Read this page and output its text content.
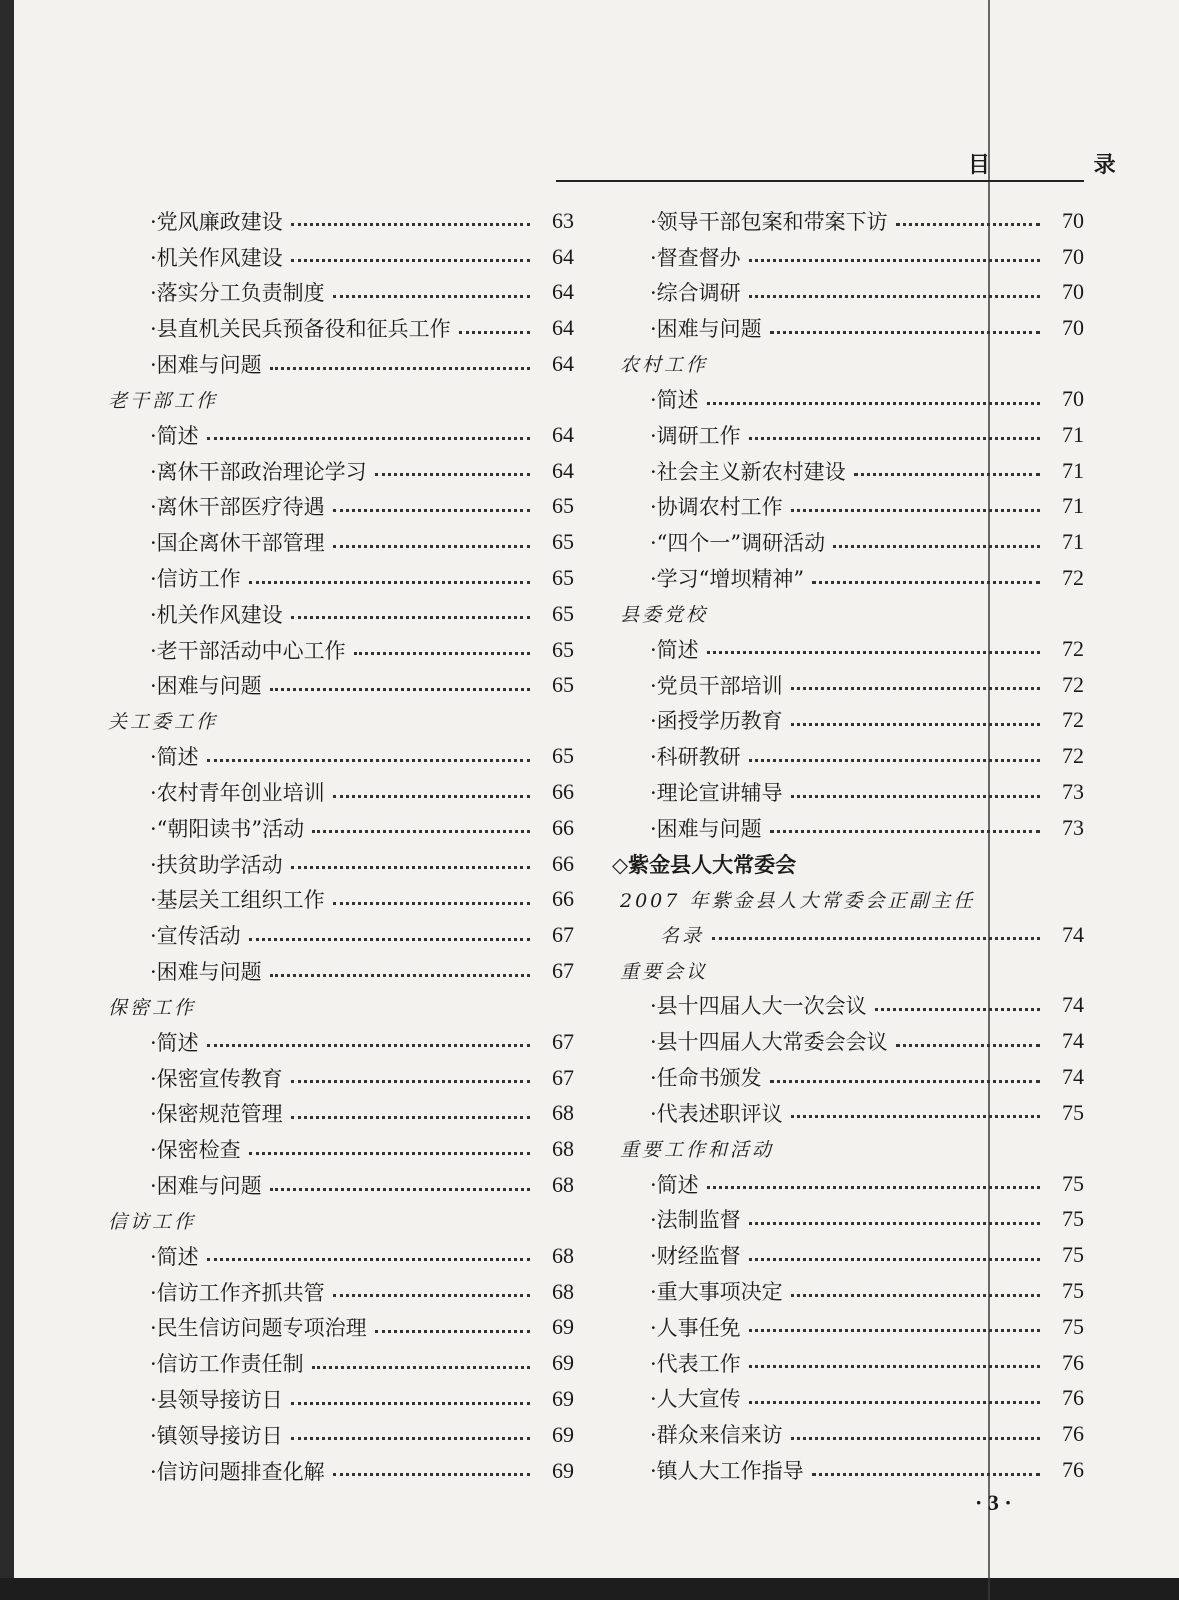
目 录
·党风廉政建设	63
·机关作风建设	64
·落实分工负责制度	64
·县直机关民兵预备役和征兵工作	64
·困难与问题	64
老干部工作
·简述	64
·离休干部政治理论学习	64
·离休干部医疗待遇	65
·国企离休干部管理	65
·信访工作	65
·机关作风建设	65
·老干部活动中心工作	65
·困难与问题	65
关工委工作
·简述	65
·农村青年创业培训	66
·“朝阳读书”活动	66
·扶贫助学活动	66
·基层关工组织工作	66
·宣传活动	67
·困难与问题	67
保密工作
·简述	67
·保密宣传教育	67
·保密规范管理	68
·保密检查	68
·困难与问题	68
信访工作
·简述	68
·信访工作齐抓共管	68
·民生信访问题专项治理	69
·信访工作责任制	69
·县领导接访日	69
·镇领导接访日	69
·信访问题排查化解	69
·领导干部包案和带案下访	70
·督查督办	70
·综合调研	70
·困难与问题	70
农村工作
·简述	70
·调研工作	71
·社会主义新农村建设	71
·协调农村工作	71
·“四个一”调研活动	71
·学习“增坝精神”	72
县委党校
·简述	72
·党员干部培训	72
·函授学历教育	72
·科研教研	72
·理论宣讲辅导	73
·困难与问题	73
◇紫金县人大常委会
2007 年紫金县人大常委会正副主任
名录	74
重要会议
·县十四届人大一次会议	74
·县十四届人大常委会会议	74
·任命书颁发	74
·代表述职评议	75
重要工作和活动
·简述	75
·法制监督	75
·财经监督	75
·重大事项决定	75
·人事任免	75
·代表工作	76
·人大宣传	76
·群众来信来访	76
·镇人大工作指导	76
· 3 ·
